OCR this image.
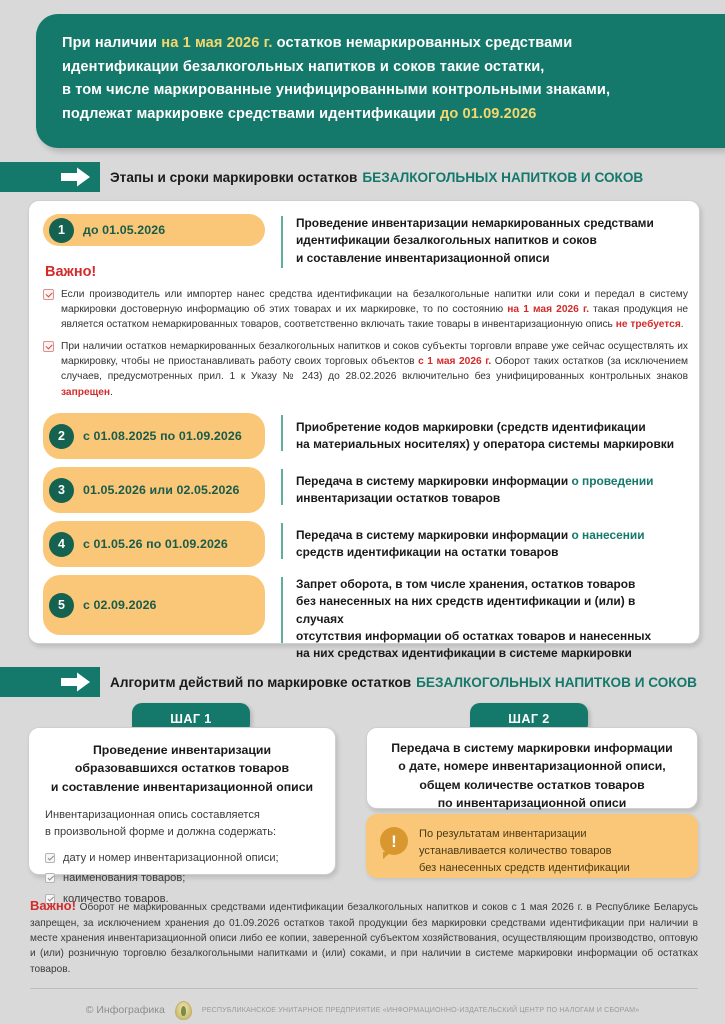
При наличии на 1 мая 2026 г. остатков немаркированных средствами
идентификации безалкогольных напитков и соков такие остатки,
в том числе маркированные унифицированными контрольными знаками,
подлежат маркировке средствами идентификации до 01.09.2026
Этапы и сроки маркировки остатков БЕЗАЛКОГОЛЬНЫХ НАПИТКОВ И СОКОВ
1	до 01.05.2026	Проведение инвентаризации немаркированных средствами
идентификации безалкогольных напитков и соков
и составление инвентаризационной описи
Важно!
Если производитель или импортер нанес средства идентификации на безалкогольные напитки или соки и передал в систему маркировки достоверную информацию об этих товарах и их маркировке, то по состоянию на 1 мая 2026 г. такая продукция не является остатком немаркированных товаров, соответственно включать такие товары в инвентаризационную опись не требуется.
При наличии остатков немаркированных безалкогольных напитков и соков субъекты торговли вправе уже сейчас осуществлять их маркировку, чтобы не приостанавливать работу своих торговых объектов с 1 мая 2026 г. Оборот таких остатков (за исключением случаев, предусмотренных прил. 1 к Указу № 243) до 28.02.2026 включительно без унифицированных контрольных знаков запрещен.
2	с 01.08.2025 по 01.09.2026
Приобретение кодов маркировки (средств идентификации
на материальных носителях) у оператора системы маркировки
3	01.05.2026 или 02.05.2026
Передача в систему маркировки информации о проведении
инвентаризации остатков товаров
4	с 01.05.26 по 01.09.2026
Передача в систему маркировки информации о нанесении
средств идентификации на остатки товаров
5	с 02.09.2026
Запрет оборота, в том числе хранения, остатков товаров
без нанесенных на них средств идентификации и (или) в случаях
отсутствия информации об остатках товаров и нанесенных
на них средствах идентификации в системе маркировки
Алгоритм действий по маркировке остатков БЕЗАЛКОГОЛЬНЫХ НАПИТКОВ И СОКОВ
ШАГ 1
Проведение инвентаризации
образовавшихся остатков товаров
и составление инвентаризационной описи
Инвентаризационная опись составляется
в произвольной форме и должна содержать:
дату и номер инвентаризационной описи;
наименования товаров;
количество товаров.
ШАГ 2
Передача в систему маркировки информации
о дате, номере инвентаризационной описи,
общем количестве остатков товаров
по инвентаризационной описи
!
По результатам инвентаризации
устанавливается количество товаров
без нанесенных средств идентификации
Важно! Оборот не маркированных средствами идентификации безалкогольных напитков и соков с 1 мая 2026 г. в Республике Беларусь запрещен, за исключением хранения до 01.09.2026 остатков такой продукции без маркировки средствами идентификации при наличии в месте хранения инвентаризационной описи либо ее копии, заверенной субъектом хозяйствования, осуществляющим производство, оптовую и (или) розничную торговлю безалкогольными напитками и (или) соками, и при наличии в системе маркировки информации об остатках товаров.
© Инфографика	РЕСПУБЛИКАНСКОЕ УНИТАРНОЕ ПРЕДПРИЯТИЕ «ИНФОРМАЦИОННО-ИЗДАТЕЛЬСКИЙ ЦЕНТР ПО НАЛОГАМ И СБОРАМ»
